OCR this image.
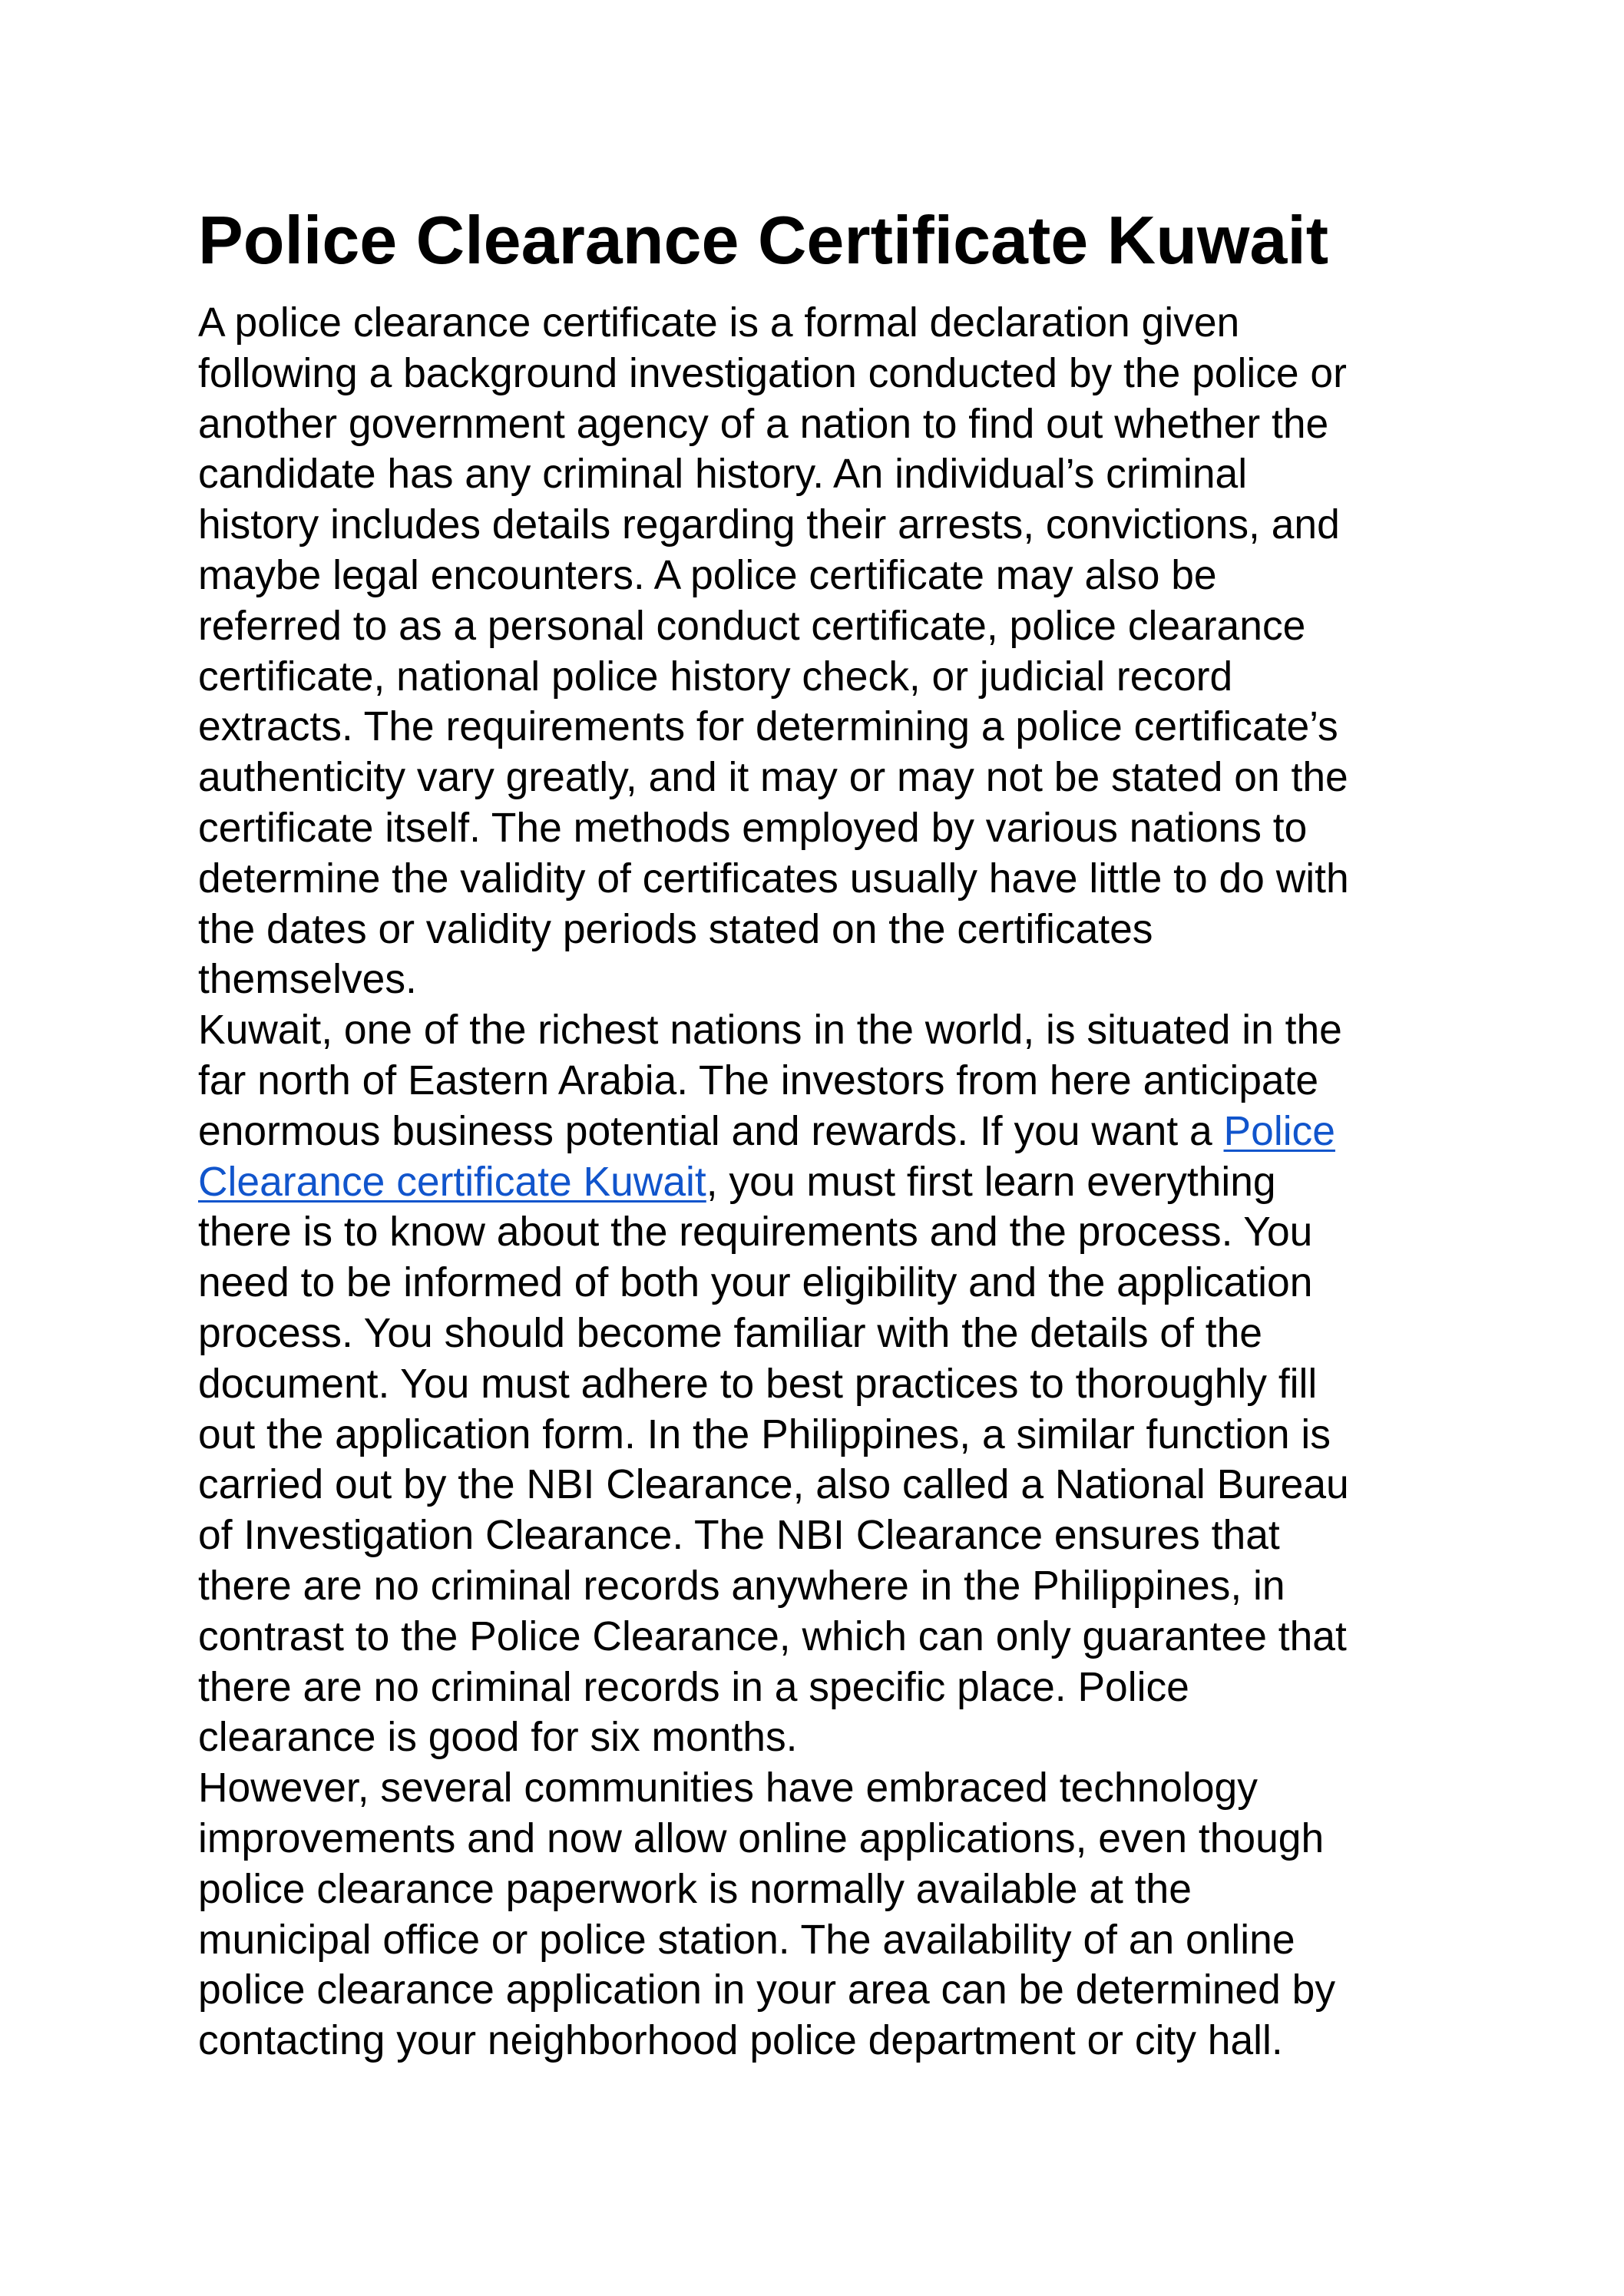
Police Clearance Certificate Kuwait
A police clearance certificate is a formal declaration given
following a background investigation conducted by the police or
another government agency of a nation to find out whether the
candidate has any criminal history. An individual’s criminal
history includes details regarding their arrests, convictions, and
maybe legal encounters. A police certificate may also be
referred to as a personal conduct certificate, police clearance
certificate, national police history check, or judicial record
extracts. The requirements for determining a police certificate’s
authenticity vary greatly, and it may or may not be stated on the
certificate itself. The methods employed by various nations to
determine the validity of certificates usually have little to do with
the dates or validity periods stated on the certificates
themselves.
Kuwait, one of the richest nations in the world, is situated in the
far north of Eastern Arabia. The investors from here anticipate
enormous business potential and rewards. If you want a Police
Clearance certificate Kuwait, you must first learn everything
there is to know about the requirements and the process. You
need to be informed of both your eligibility and the application
process. You should become familiar with the details of the
document. You must adhere to best practices to thoroughly fill
out the application form. In the Philippines, a similar function is
carried out by the NBI Clearance, also called a National Bureau
of Investigation Clearance. The NBI Clearance ensures that
there are no criminal records anywhere in the Philippines, in
contrast to the Police Clearance, which can only guarantee that
there are no criminal records in a specific place. Police
clearance is good for six months.
However, several communities have embraced technology
improvements and now allow online applications, even though
police clearance paperwork is normally available at the
municipal office or police station. The availability of an online
police clearance application in your area can be determined by
contacting your neighborhood police department or city hall.
